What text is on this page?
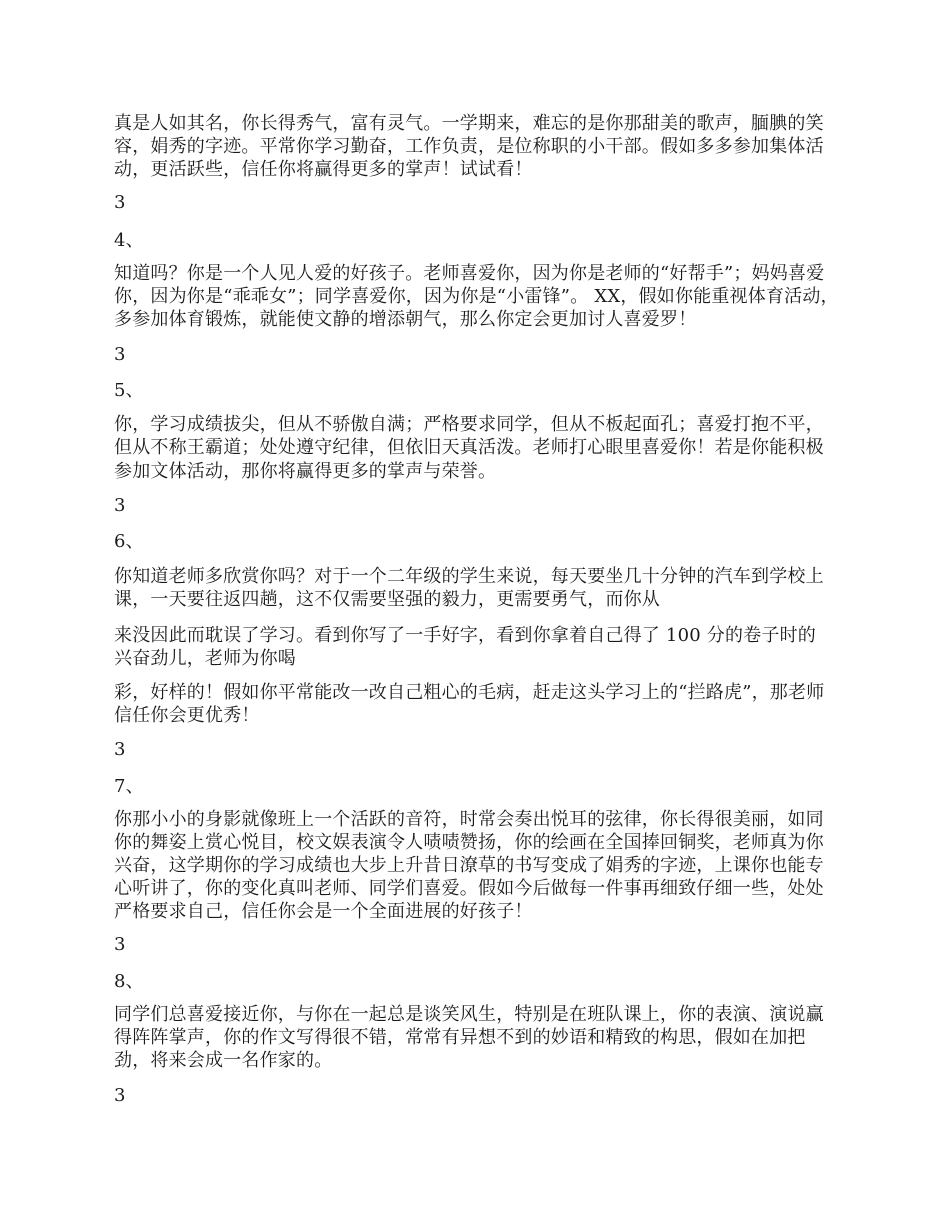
真是人如其名，你长得秀气，富有灵气。一学期来，难忘的是你那甜美的歌声，腼腆的笑
容，娟秀的字迹。平常你学习勤奋，工作负责，是位称职的小干部。假如多多参加集体活
动，更活跃些，信任你将赢得更多的掌声！试试看！
3
4、
知道吗？你是一个人见人爱的好孩子。老师喜爱你，因为你是老师的“好帮手”；妈妈喜爱
你，因为你是“乖乖女”；同学喜爱你，因为你是“小雷锋”。 XX，假如你能重视体育活动，
多参加体育锻炼，就能使文静的增添朝气，那么你定会更加讨人喜爱罗！
3
5、
你，学习成绩拔尖，但从不骄傲自满；严格要求同学，但从不板起面孔；喜爱打抱不平，
但从不称王霸道；处处遵守纪律，但依旧天真活泼。老师打心眼里喜爱你！若是你能积极
参加文体活动，那你将赢得更多的掌声与荣誉。
3
6、
你知道老师多欣赏你吗？对于一个二年级的学生来说，每天要坐几十分钟的汽车到学校上
课，一天要往返四趟，这不仅需要坚强的毅力，更需要勇气，而你从
来没因此而耽误了学习。看到你写了一手好字，看到你拿着自己得了 100 分的卷子时的
兴奋劲儿，老师为你喝
彩，好样的！假如你平常能改一改自己粗心的毛病，赶走这头学习上的“拦路虎”，那老师
信任你会更优秀！
3
7、
你那小小的身影就像班上一个活跃的音符，时常会奏出悦耳的弦律，你长得很美丽，如同
你的舞姿上赏心悦目，校文娱表演令人啧啧赞扬，你的绘画在全国捧回铜奖，老师真为你
兴奋，这学期你的学习成绩也大步上升昔日潦草的书写变成了娟秀的字迹，上课你也能专
心听讲了，你的变化真叫老师、同学们喜爱。假如今后做每一件事再细致仔细一些，处处
严格要求自己，信任你会是一个全面进展的好孩子！
3
8、
同学们总喜爱接近你，与你在一起总是谈笑风生，特别是在班队课上，你的表演、演说赢
得阵阵掌声，你的作文写得很不错，常常有异想不到的妙语和精致的构思，假如在加把
劲，将来会成一名作家的。
3
